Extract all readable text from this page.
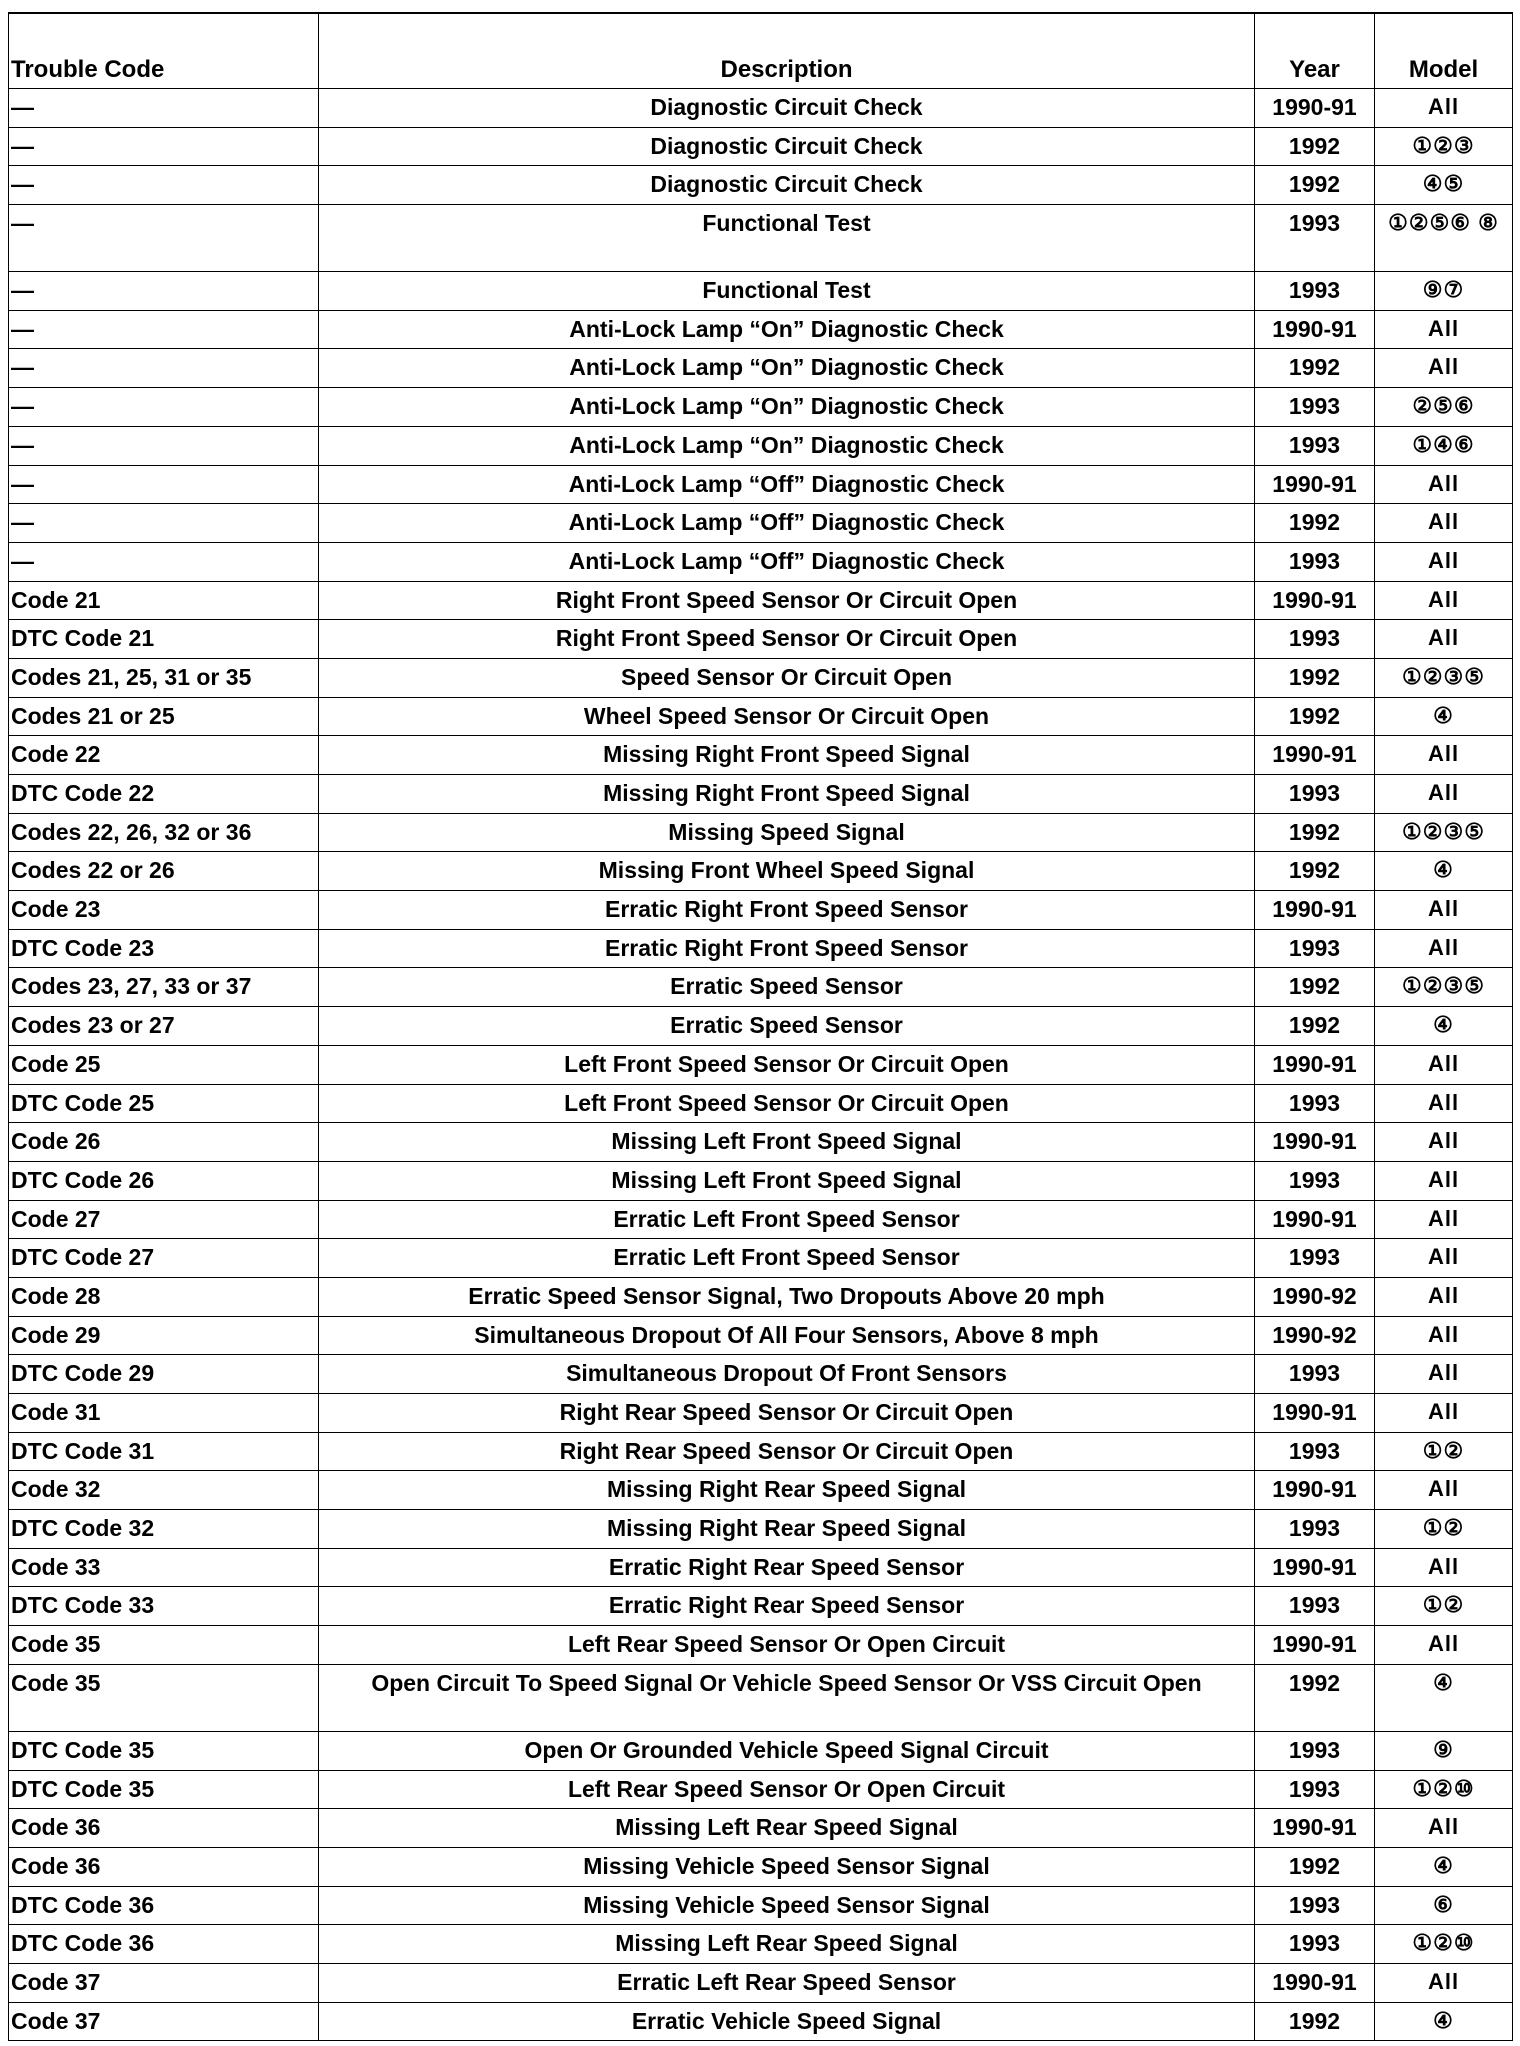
Trouble Code	Description	Year	Model
—	Diagnostic Circuit Check	1990-91	All
—	Diagnostic Circuit Check	1992	①②③
—	Diagnostic Circuit Check	1992	④⑤
—	Functional Test	1993	①②⑤⑥ ⑧
—	Functional Test	1993	⑨⑦
—	Anti-Lock Lamp “On” Diagnostic Check	1990-91	All
—	Anti-Lock Lamp “On” Diagnostic Check	1992	All
—	Anti-Lock Lamp “On” Diagnostic Check	1993	②⑤⑥
—	Anti-Lock Lamp “On” Diagnostic Check	1993	①④⑥
—	Anti-Lock Lamp “Off” Diagnostic Check	1990-91	All
—	Anti-Lock Lamp “Off” Diagnostic Check	1992	All
—	Anti-Lock Lamp “Off” Diagnostic Check	1993	All
Code 21	Right Front Speed Sensor Or Circuit Open	1990-91	All
DTC Code 21	Right Front Speed Sensor Or Circuit Open	1993	All
Codes 21, 25, 31 or 35	Speed Sensor Or Circuit Open	1992	①②③⑤
Codes 21 or 25	Wheel Speed Sensor Or Circuit Open	1992	④
Code 22	Missing Right Front Speed Signal	1990-91	All
DTC Code 22	Missing Right Front Speed Signal	1993	All
Codes 22, 26, 32 or 36	Missing Speed Signal	1992	①②③⑤
Codes 22 or 26	Missing Front Wheel Speed Signal	1992	④
Code 23	Erratic Right Front Speed Sensor	1990-91	All
DTC Code 23	Erratic Right Front Speed Sensor	1993	All
Codes 23, 27, 33 or 37	Erratic Speed Sensor	1992	①②③⑤
Codes 23 or 27	Erratic Speed Sensor	1992	④
Code 25	Left Front Speed Sensor Or Circuit Open	1990-91	All
DTC Code 25	Left Front Speed Sensor Or Circuit Open	1993	All
Code 26	Missing Left Front Speed Signal	1990-91	All
DTC Code 26	Missing Left Front Speed Signal	1993	All
Code 27	Erratic Left Front Speed Sensor	1990-91	All
DTC Code 27	Erratic Left Front Speed Sensor	1993	All
Code 28	Erratic Speed Sensor Signal, Two Dropouts Above 20 mph	1990-92	All
Code 29	Simultaneous Dropout Of All Four Sensors, Above 8 mph	1990-92	All
DTC Code 29	Simultaneous Dropout Of Front Sensors	1993	All
Code 31	Right Rear Speed Sensor Or Circuit Open	1990-91	All
DTC Code 31	Right Rear Speed Sensor Or Circuit Open	1993	①②
Code 32	Missing Right Rear Speed Signal	1990-91	All
DTC Code 32	Missing Right Rear Speed Signal	1993	①②
Code 33	Erratic Right Rear Speed Sensor	1990-91	All
DTC Code 33	Erratic Right Rear Speed Sensor	1993	①②
Code 35	Left Rear Speed Sensor Or Open Circuit	1990-91	All
Code 35	Open Circuit To Speed Signal Or Vehicle Speed Sensor Or VSS Circuit Open	1992	④
DTC Code 35	Open Or Grounded Vehicle Speed Signal Circuit	1993	⑨
DTC Code 35	Left Rear Speed Sensor Or Open Circuit	1993	①②⑩
Code 36	Missing Left Rear Speed Signal	1990-91	All
Code 36	Missing Vehicle Speed Sensor Signal	1992	④
DTC Code 36	Missing Vehicle Speed Sensor Signal	1993	⑥
DTC Code 36	Missing Left Rear Speed Signal	1993	①②⑩
Code 37	Erratic Left Rear Speed Sensor	1990-91	All
Code 37	Erratic Vehicle Speed Signal	1992	④
